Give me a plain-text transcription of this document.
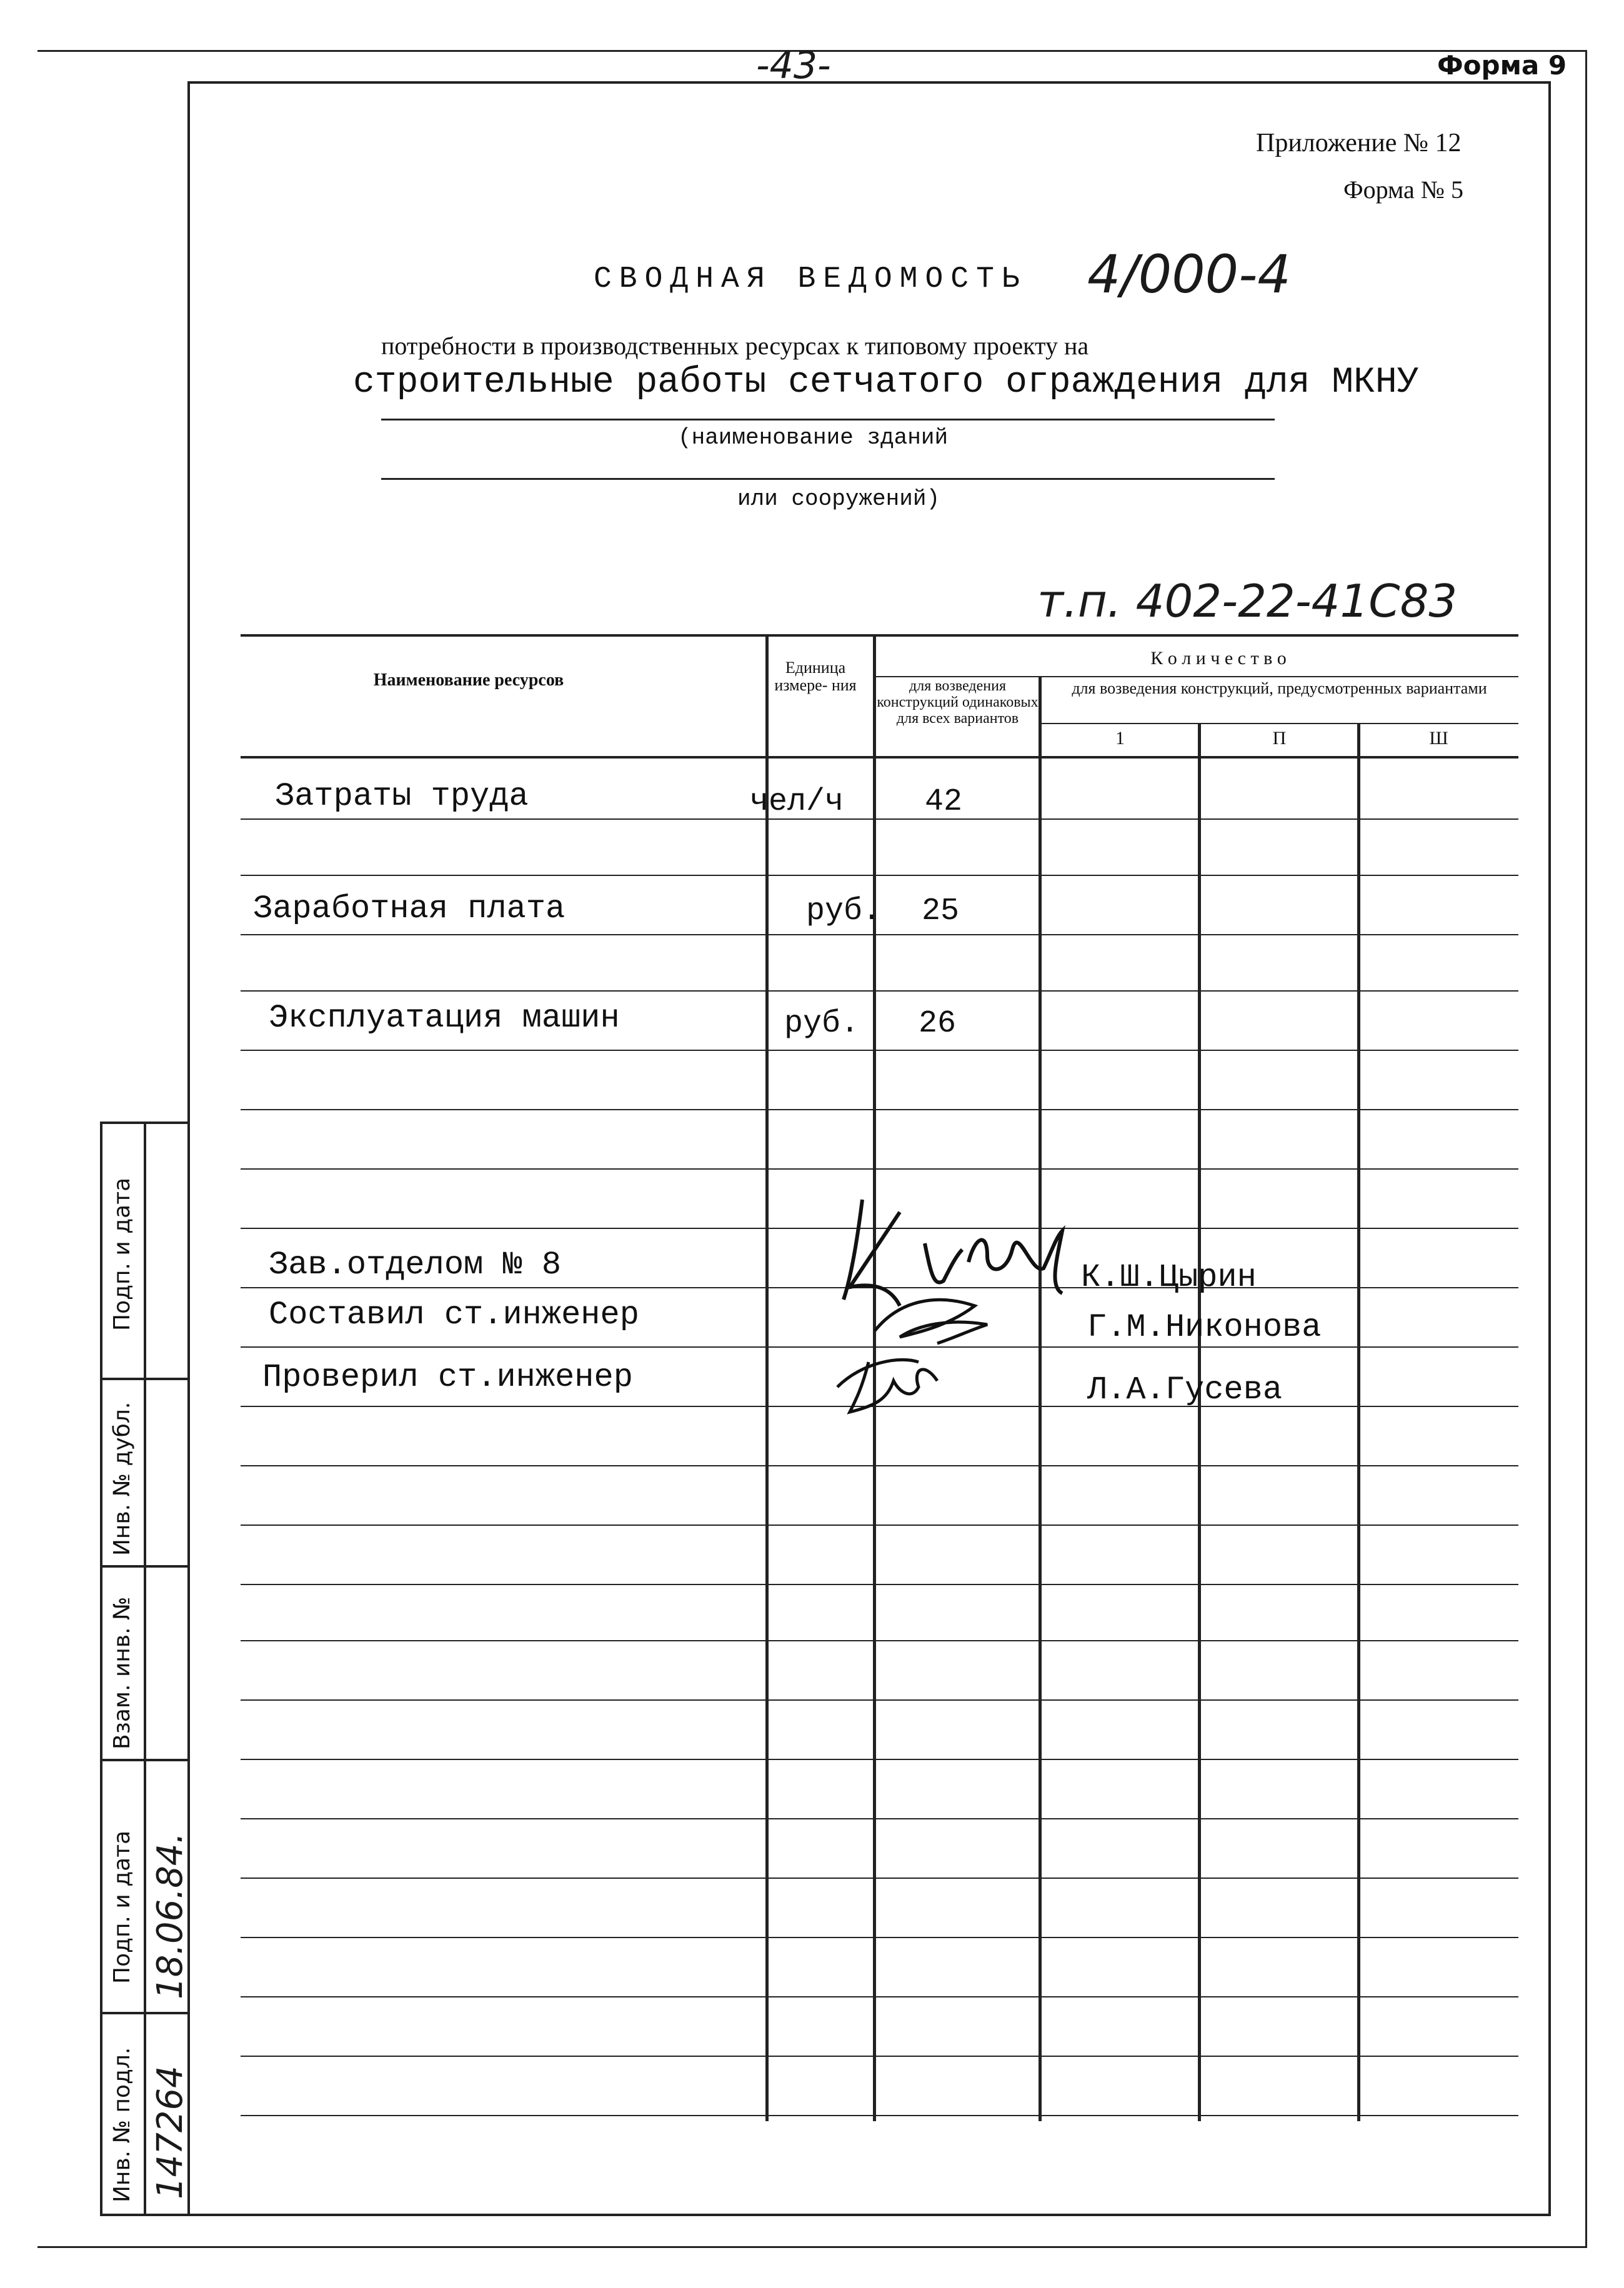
-43-	Форма 9
Приложение № 12
Форма № 5
СВОДНАЯ ВЕДОМОСТЬ 4/000-4
потребности в производственных ресурсах к типовому проекту на
строительные работы сетчатого ограждения для МКНУ
(наименование зданий
или сооружений)
т.п. 402-22-41С83
Наименование ресурсов
Единица измере- ния
К о л и ч е с т в о
для возведения конструкций одинаковых для всех вариантов
для возведения конструкций, предусмотренных вариантами
1	П	Ш
Затраты труда	чел/ч	42
Заработная плата	руб. 25
Эксплуатация машин	руб. 26
Зав.отделом № 8	К.Ш.Цырин
Составил ст.инженер	Г.М.Никонова
Проверил ст.инженер	Л.А.Гусева
Подп. и дата
Инв. № дубл.
Взам. инв. №
Подп. и дата
Инв. № подл.
18.06.84.
147264
